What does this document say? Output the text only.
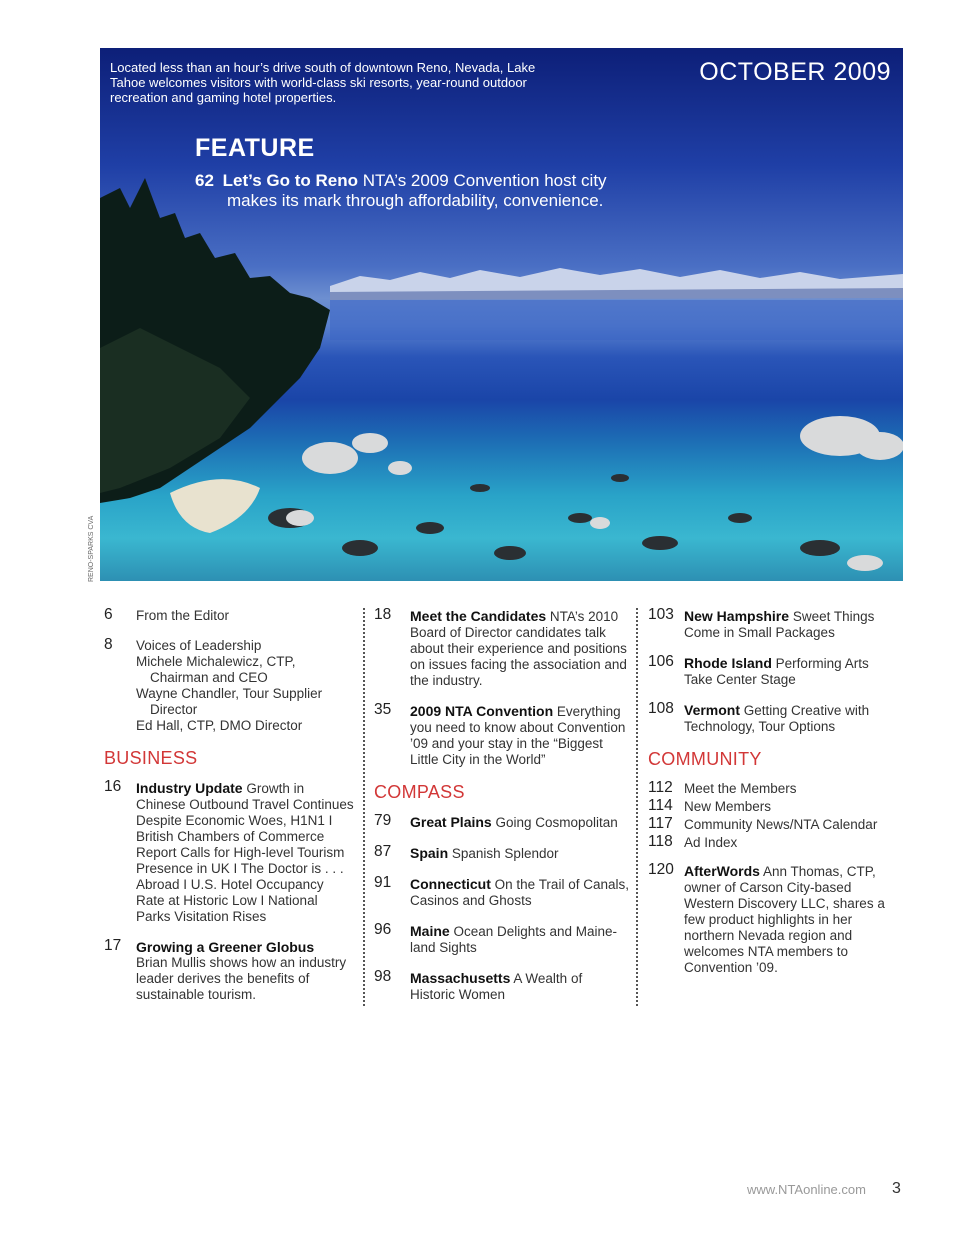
Located less than an hour’s drive south of downtown Reno, Nevada, Lake Tahoe welcomes visitors with world-class ski resorts, year-round outdoor recreation and gaming hotel properties.
OCTOBER 2009
FEATURE
62 Let’s Go to Reno NTA’s 2009 Convention host city
makes its mark through affordability, convenience.
RENO-SPARKS CVA
6 From the Editor
8 Voices of Leadership
Michele Michalewicz, CTP,
Chairman and CEO
Wayne Chandler, Tour Supplier
Director
Ed Hall, CTP, DMO Director
BUSINESS
16 Industry Update Growth in Chinese Outbound Travel Continues Despite Economic Woes, H1N1 I British Chambers of Commerce Report Calls for High-level Tourism Presence in UK I The Doctor is . . . Abroad I U.S. Hotel Occupancy Rate at Historic Low I National Parks Visitation Rises
17 Growing a Greener Globus
Brian Mullis shows how an industry leader derives the benefits of sustainable tourism.
18 Meet the Candidates NTA’s 2010 Board of Director candidates talk about their experience and positions on issues facing the association and the industry.
35 2009 NTA Convention Everything you need to know about Convention ’09 and your stay in the “Biggest Little City in the World”
COMPASS
79 Great Plains Going Cosmopolitan
87 Spain Spanish Splendor
91 Connecticut On the Trail of Canals, Casinos and Ghosts
96 Maine Ocean Delights and Maine-land Sights
98 Massachusetts A Wealth of Historic Women
103 New Hampshire Sweet Things Come in Small Packages
106 Rhode Island Performing Arts Take Center Stage
108 Vermont Getting Creative with Technology, Tour Options
COMMUNITY
112 Meet the Members
114 New Members
117 Community News/NTA Calendar
118 Ad Index
120 AfterWords Ann Thomas, CTP, owner of Carson City-based Western Discovery LLC, shares a few product highlights in her northern Nevada region and welcomes NTA members to Convention ’09.
www.NTAonline.com 3
